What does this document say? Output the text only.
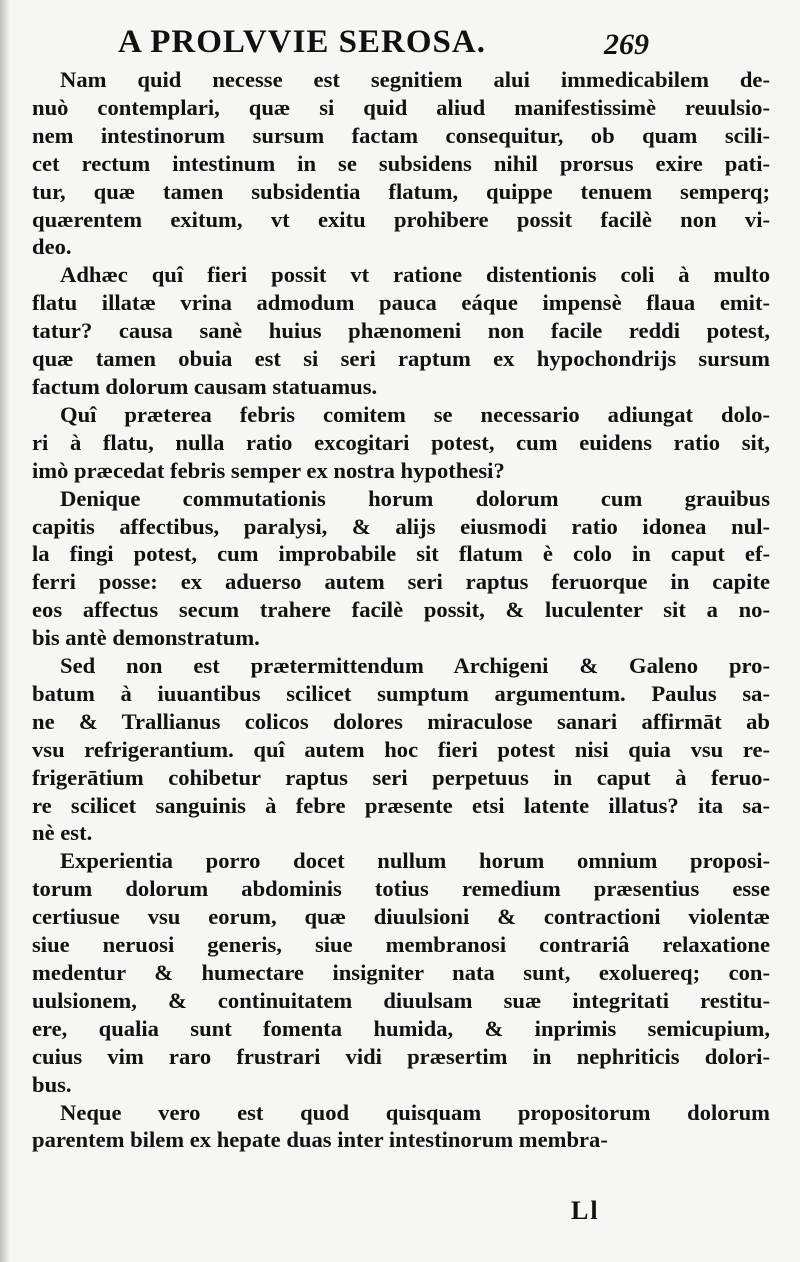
A PROLVVIE SEROSA.	269
Nam quid necesse est segnitiem alui immedicabilem de-
nuò contemplari, quæ si quid aliud manifestissimè reuulsio-
nem intestinorum sursum factam consequitur, ob quam scili-
cet rectum intestinum in se subsidens nihil prorsus exire pati-
tur, quæ tamen subsidentia flatum, quippe tenuem semperq;
quærentem exitum, vt exitu prohibere possit facilè non vi-
deo.
Adhæc quî fieri possit vt ratione distentionis coli à multo
flatu illatæ vrina admodum pauca eáque impensè flaua emit-
tatur? causa sanè huius phænomeni non facile reddi potest,
quæ tamen obuia est si seri raptum ex hypochondrijs sursum
factum dolorum causam statuamus.
Quî præterea febris comitem se necessario adiungat dolo-
ri à flatu, nulla ratio excogitari potest, cum euidens ratio sit,
imò præcedat febris semper ex nostra hypothesi?
Denique commutationis horum dolorum cum grauibus
capitis affectibus, paralysi, & alijs eiusmodi ratio idonea nul-
la fingi potest, cum improbabile sit flatum è colo in caput ef-
ferri posse: ex aduerso autem seri raptus feruorque in capite
eos affectus secum trahere facilè possit, & luculenter sit a no-
bis antè demonstratum.
Sed non est prætermittendum Archigeni & Galeno pro-
batum à iuuantibus scilicet sumptum argumentum. Paulus sa-
ne & Trallianus colicos dolores miraculose sanari affirmāt ab
vsu refrigerantium. quî autem hoc fieri potest nisi quia vsu re-
frigerātium cohibetur raptus seri perpetuus in caput à feruo-
re scilicet sanguinis à febre præsente etsi latente illatus? ita sa-
nè est.
Experientia porro docet nullum horum omnium proposi-
torum dolorum abdominis totius remedium præsentius esse
certiusue vsu eorum, quæ diuulsioni & contractioni violentæ
siue neruosi generis, siue membranosi contrariâ relaxatione
medentur & humectare insigniter nata sunt, exoluereq; con-
uulsionem, & continuitatem diuulsam suæ integritati restitu-
ere, qualia sunt fomenta humida, & inprimis semicupium,
cuius vim raro frustrari vidi præsertim in nephriticis dolori-
bus.
Neque vero est quod quisquam propositorum dolorum
parentem bilem ex hepate duas inter intestinorum membra-
Ll
